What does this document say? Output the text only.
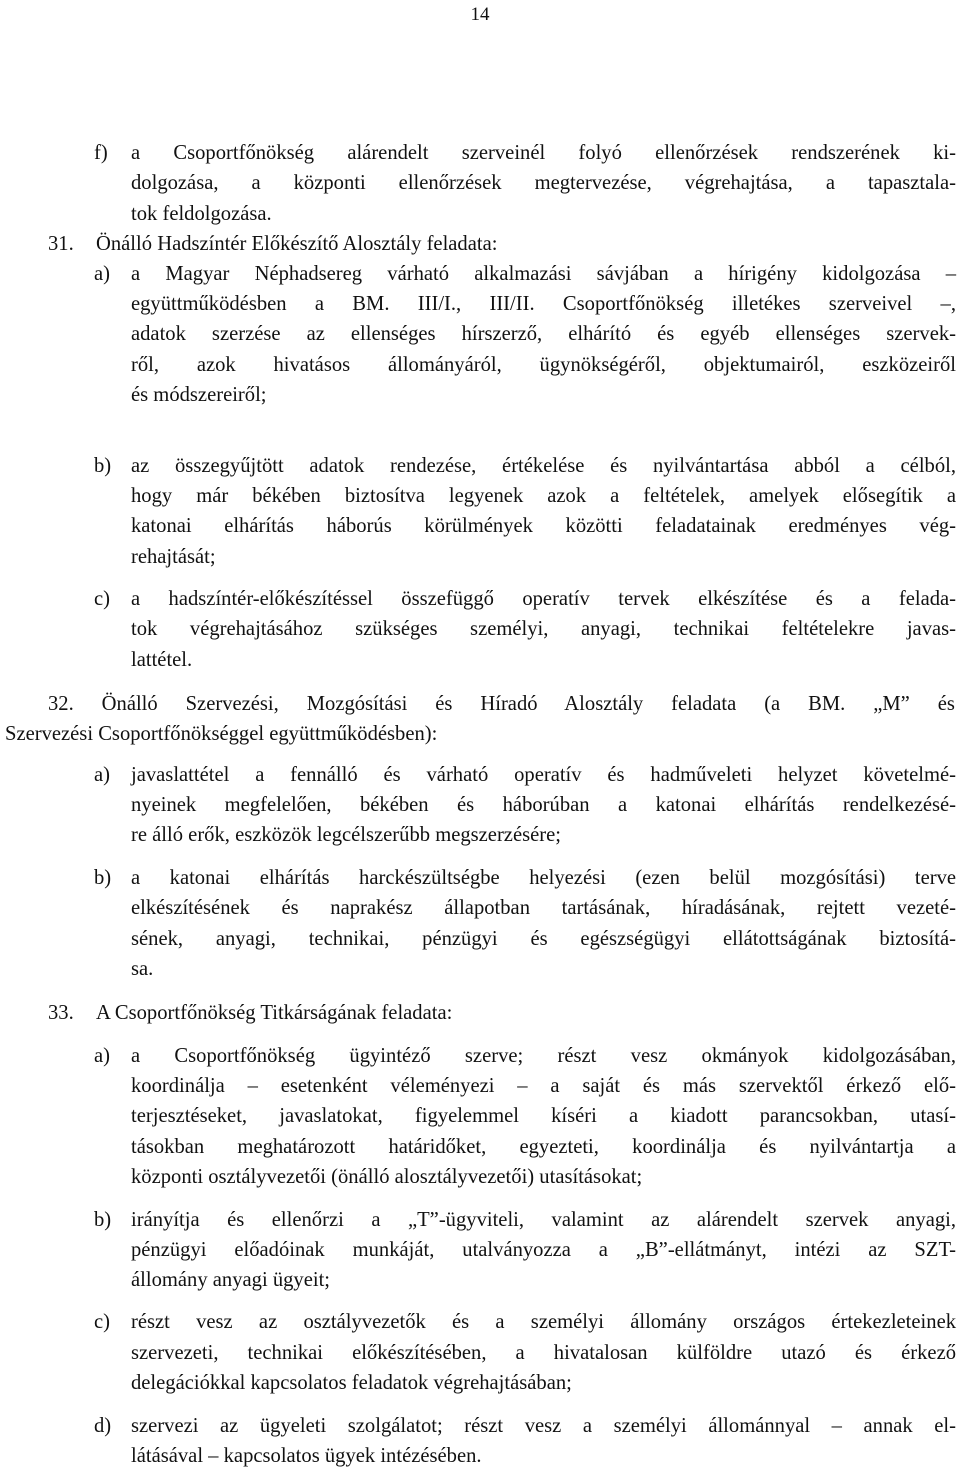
14
f) a Csoportfőnökség alárendelt szerveinél folyó ellenőrzések rendszerének ki-
dolgozása, a központi ellenőrzések megtervezése, végrehajtása, a tapasztala-
tok feldolgozása.
31. Önálló Hadszíntér Előkészítő Alosztály feladata:
a) a Magyar Néphadsereg várható alkalmazási sávjában a hírigény kidolgozása –
együttműködésben a BM. III/I., III/II. Csoportfőnökség illetékes szerveivel –,
adatok szerzése az ellenséges hírszerző, elhárító és egyéb ellenséges szervek-
ről, azok hivatásos állományáról, ügynökségéről, objektumairól, eszközeiről
és módszereiről;
b) az összegyűjtött adatok rendezése, értékelése és nyilvántartása abból a célból,
hogy már békében biztosítva legyenek azok a feltételek, amelyek elősegítik a
katonai elhárítás háborús körülmények közötti feladatainak eredményes vég-
rehajtását;
c) a hadszíntér-előkészítéssel összefüggő operatív tervek elkészítése és a felada-
tok végrehajtásához szükséges személyi, anyagi, technikai feltételekre javas-
lattétel.
32. Önálló Szervezési, Mozgósítási és Híradó Alosztály feladata (a BM. „M” és
Szervezési Csoportfőnökséggel együttműködésben):
a) javaslattétel a fennálló és várható operatív és hadműveleti helyzet követelmé-
nyeinek megfelelően, békében és háborúban a katonai elhárítás rendelkezésé-
re álló erők, eszközök legcélszerűbb megszerzésére;
b) a katonai elhárítás harckészültségbe helyezési (ezen belül mozgósítási) terve
elkészítésének és naprakész állapotban tartásának, híradásának, rejtett vezeté-
sének, anyagi, technikai, pénzügyi és egészségügyi ellátottságának biztosítá-
sa.
33. A Csoportfőnökség Titkárságának feladata:
a) a Csoportfőnökség ügyintéző szerve; részt vesz okmányok kidolgozásában,
koordinálja – esetenként véleményezi – a saját és más szervektől érkező elő-
terjesztéseket, javaslatokat, figyelemmel kíséri a kiadott parancsokban, utasí-
tásokban meghatározott határidőket, egyezteti, koordinálja és nyilvántartja a
központi osztályvezetői (önálló alosztályvezetői) utasításokat;
b) irányítja és ellenőrzi a „T”-ügyviteli, valamint az alárendelt szervek anyagi,
pénzügyi előadóinak munkáját, utalványozza a „B”-ellátmányt, intézi az SZT-
állomány anyagi ügyeit;
c) részt vesz az osztályvezetők és a személyi állomány országos értekezleteinek
szervezeti, technikai előkészítésében, a hivatalosan külföldre utazó és érkező
delegációkkal kapcsolatos feladatok végrehajtásában;
d) szervezi az ügyeleti szolgálatot; részt vesz a személyi állománnyal – annak el-
látásával – kapcsolatos ügyek intézésében.
